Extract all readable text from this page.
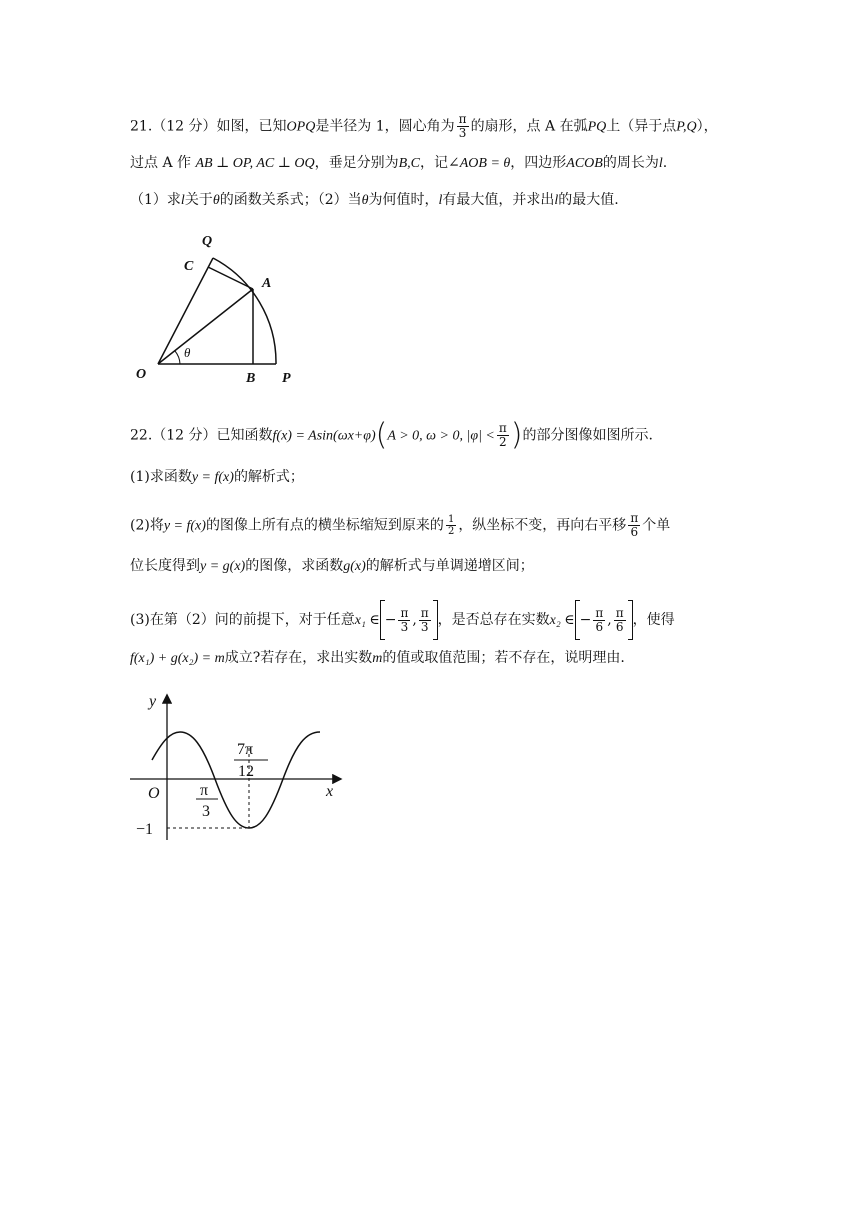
21.（12 分）如图，已知OPQ是半径为 1，圆心角为 $\frac{\pi}{3}$ 的扇形，点 A 在弧PQ上（异于点P,Q），
过点 A 作 AB ⊥ OP, AC ⊥ OQ，垂足分别为B,C，记∠AOB = θ，四边形ACOB的周长为l.
（1）求l关于θ的函数关系式；（2）当θ为何值时，l有最大值，并求出l的最大值.
Q
C
A
O	B P
θ
22.（12 分）已知函数f(x) = Asin(ωx+φ)(A > 0, ω > 0, $|\varphi| < \frac{\pi}{2}$ )的部分图像如图所示.
(1)求函数y = f(x)的解析式；
(2)将y = f(x)的图像上所有点的横坐标缩短到原来的 $\frac{1}{2}$ ，纵坐标不变，再向右平移 $\frac{\pi}{6}$ 个单
位长度得到y = g(x)的图像，求函数g(x)的解析式与单调递增区间；
(3)在第（2）问的前提下，对于任意x₁ ∈ − $\frac{\pi}{3}$ , $\frac{\pi}{3}$ ，是否总存在实数x₂ ∈ − $\frac{\pi}{6}$ , $\frac{\pi}{6}$ ，使得
f(x₁) + g(x₂) = m成立?若存在，求出实数m的值或取值范围；若不存在，说明理由.
y
x
O
−1
π
3
7π
12
